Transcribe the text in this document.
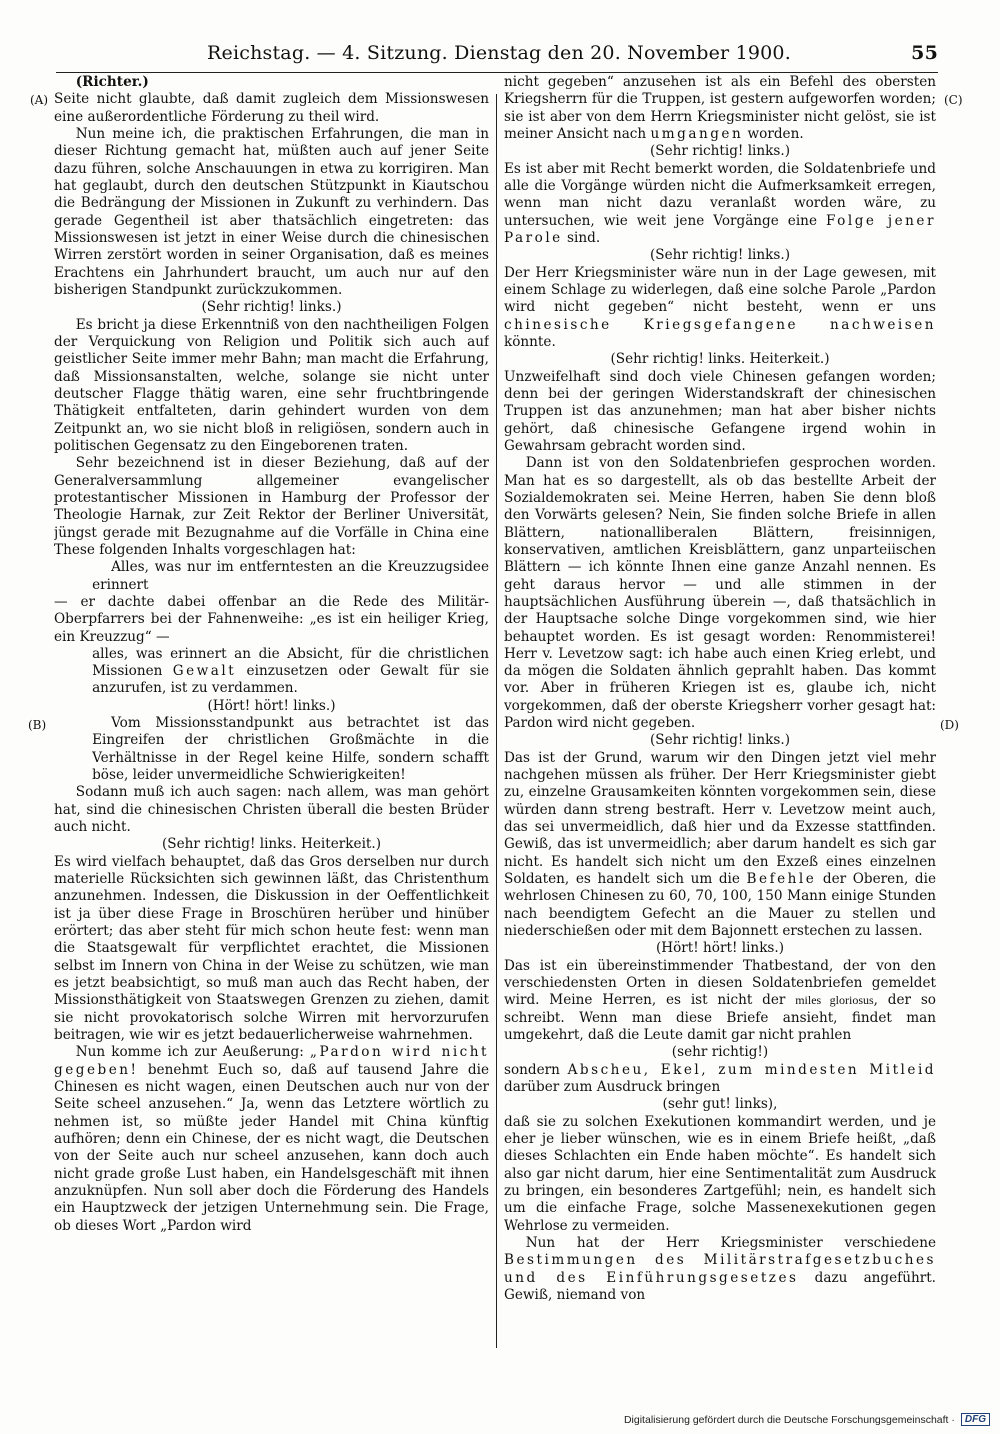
Reichstag. — 4. Sitzung. Dienstag den 20. November 1900.	55
(A)
(B)
(C)
(D)

(Richter.)

Seite nicht glaubte, daß damit zugleich dem Missionswesen eine außerordentliche Förderung zu theil wird.

Nun meine ich, die praktischen Erfahrungen, die man in dieser Richtung gemacht hat, müßten auch auf jener Seite dazu führen, solche Anschauungen in etwa zu korrigiren. Man hat geglaubt, durch den deutschen Stützpunkt in Kiautschou die Bedrängung der Missionen in Zukunft zu verhindern. Das gerade Gegentheil ist aber thatsächlich eingetreten: das Missionswesen ist jetzt in einer Weise durch die chinesischen Wirren zerstört worden in seiner Organisation, daß es meines Erachtens ein Jahrhundert braucht, um auch nur auf den bisherigen Standpunkt zurückzukommen.

(Sehr richtig! links.)

Es bricht ja diese Erkenntniß von den nachtheiligen Folgen der Verquickung von Religion und Politik sich auch auf geistlicher Seite immer mehr Bahn; man macht die Erfahrung, daß Missionsanstalten, welche, solange sie nicht unter deutscher Flagge thätig waren, eine sehr fruchtbringende Thätigkeit entfalteten, darin gehindert wurden von dem Zeitpunkt an, wo sie nicht bloß in religiösen, sondern auch in politischen Gegensatz zu den Eingeborenen traten.

Sehr bezeichnend ist in dieser Beziehung, daß auf der Generalversammlung allgemeiner evangelischer protestantischer Missionen in Hamburg der Professor der Theologie Harnak, zur Zeit Rektor der Berliner Universität, jüngst gerade mit Bezugnahme auf die Vorfälle in China eine These folgenden Inhalts vorgeschlagen hat:

Alles, was nur im entferntesten an die Kreuzzugsidee erinnert

— er dachte dabei offenbar an die Rede des Militär-Oberpfarrers bei der Fahnenweihe: „es ist ein heiliger Krieg, ein Kreuzzug“ —

alles, was erinnert an die Absicht, für die christlichen Missionen Gewalt einzusetzen oder Gewalt für sie anzurufen, ist zu verdammen.

(Hört! hört! links.)

Vom Missionsstandpunkt aus betrachtet ist das Eingreifen der christlichen Großmächte in die Verhältnisse in der Regel keine Hilfe, sondern schafft böse, leider unvermeidliche Schwierigkeiten!

Sodann muß ich auch sagen: nach allem, was man gehört hat, sind die chinesischen Christen überall die besten Brüder auch nicht.

(Sehr richtig! links. Heiterkeit.)

Es wird vielfach behauptet, daß das Gros derselben nur durch materielle Rücksichten sich gewinnen läßt, das Christenthum anzunehmen. Indessen, die Diskussion in der Oeffentlichkeit ist ja über diese Frage in Broschüren herüber und hinüber erörtert; das aber steht für mich schon heute fest: wenn man die Staatsgewalt für verpflichtet erachtet, die Missionen selbst im Innern von China in der Weise zu schützen, wie man es jetzt beabsichtigt, so muß man auch das Recht haben, der Missionsthätigkeit von Staatswegen Grenzen zu ziehen, damit sie nicht provokatorisch solche Wirren mit hervorzurufen beitragen, wie wir es jetzt bedauerlicherweise wahrnehmen.

Nun komme ich zur Aeußerung: „Pardon wird nicht gegeben! benehmt Euch so, daß auf tausend Jahre die Chinesen es nicht wagen, einen Deutschen auch nur von der Seite scheel anzusehen.“ Ja, wenn das Letztere wörtlich zu nehmen ist, so müßte jeder Handel mit China künftig aufhören; denn ein Chinese, der es nicht wagt, die Deutschen von der Seite auch nur scheel anzusehen, kann doch auch nicht grade große Lust haben, ein Handelsgeschäft mit ihnen anzuknüpfen. Nun soll aber doch die Förderung des Handels ein Hauptzweck der jetzigen Unternehmung sein. Die Frage, ob dieses Wort „Pardon wird

nicht gegeben“ anzusehen ist als ein Befehl des obersten Kriegsherrn für die Truppen, ist gestern aufgeworfen worden; sie ist aber von dem Herrn Kriegsminister nicht gelöst, sie ist meiner Ansicht nach umgangen worden.

(Sehr richtig! links.)

Es ist aber mit Recht bemerkt worden, die Soldatenbriefe und alle die Vorgänge würden nicht die Aufmerksamkeit erregen, wenn man nicht dazu veranlaßt worden wäre, zu untersuchen, wie weit jene Vorgänge eine Folge jener Parole sind.

(Sehr richtig! links.)

Der Herr Kriegsminister wäre nun in der Lage gewesen, mit einem Schlage zu widerlegen, daß eine solche Parole „Pardon wird nicht gegeben“ nicht besteht, wenn er uns chinesische Kriegsgefangene nachweisen könnte.

(Sehr richtig! links. Heiterkeit.)

Unzweifelhaft sind doch viele Chinesen gefangen worden; denn bei der geringen Widerstandskraft der chinesischen Truppen ist das anzunehmen; man hat aber bisher nichts gehört, daß chinesische Gefangene irgend wohin in Gewahrsam gebracht worden sind.

Dann ist von den Soldatenbriefen gesprochen worden. Man hat es so dargestellt, als ob das bestellte Arbeit der Sozialdemokraten sei. Meine Herren, haben Sie denn bloß den Vorwärts gelesen? Nein, Sie finden solche Briefe in allen Blättern, nationalliberalen Blättern, freisinnigen, konservativen, amtlichen Kreisblättern, ganz unparteiischen Blättern — ich könnte Ihnen eine ganze Anzahl nennen. Es geht daraus hervor — und alle stimmen in der hauptsächlichen Ausführung überein —, daß thatsächlich in der Hauptsache solche Dinge vorgekommen sind, wie hier behauptet worden. Es ist gesagt worden: Renommisterei! Herr v. Levetzow sagt: ich habe auch einen Krieg erlebt, und da mögen die Soldaten ähnlich geprahlt haben. Das kommt vor. Aber in früheren Kriegen ist es, glaube ich, nicht vorgekommen, daß der oberste Kriegsherr vorher gesagt hat: Pardon wird nicht gegeben.

(Sehr richtig! links.)

Das ist der Grund, warum wir den Dingen jetzt viel mehr nachgehen müssen als früher. Der Herr Kriegsminister giebt zu, einzelne Grausamkeiten könnten vorgekommen sein, diese würden dann streng bestraft. Herr v. Levetzow meint auch, das sei unvermeidlich, daß hier und da Exzesse stattfinden. Gewiß, das ist unvermeidlich; aber darum handelt es sich gar nicht. Es handelt sich nicht um den Exzeß eines einzelnen Soldaten, es handelt sich um die Befehle der Oberen, die wehrlosen Chinesen zu 60, 70, 100, 150 Mann einige Stunden nach beendigtem Gefecht an die Mauer zu stellen und niederschießen oder mit dem Bajonnett erstechen zu lassen.

(Hört! hört! links.)

Das ist ein übereinstimmender Thatbestand, der von den verschiedensten Orten in diesen Soldatenbriefen gemeldet wird. Meine Herren, es ist nicht der miles gloriosus, der so schreibt. Wenn man diese Briefe ansieht, findet man umgekehrt, daß die Leute damit gar nicht prahlen

(sehr richtig!)

sondern Abscheu, Ekel, zum mindesten Mitleid darüber zum Ausdruck bringen

(sehr gut! links),

daß sie zu solchen Exekutionen kommandirt werden, und je eher je lieber wünschen, wie es in einem Briefe heißt, „daß dieses Schlachten ein Ende haben möchte“. Es handelt sich also gar nicht darum, hier eine Sentimentalität zum Ausdruck zu bringen, ein besonderes Zartgefühl; nein, es handelt sich um die einfache Frage, solche Massenexekutionen gegen Wehrlose zu vermeiden.

Nun hat der Herr Kriegsminister verschiedene Bestimmungen des Militärstrafgesetzbuches und des Einführungsgesetzes dazu angeführt. Gewiß, niemand von

Digitalisierung gefördert durch die Deutsche Forschungsgemeinschaft ·	DFG
